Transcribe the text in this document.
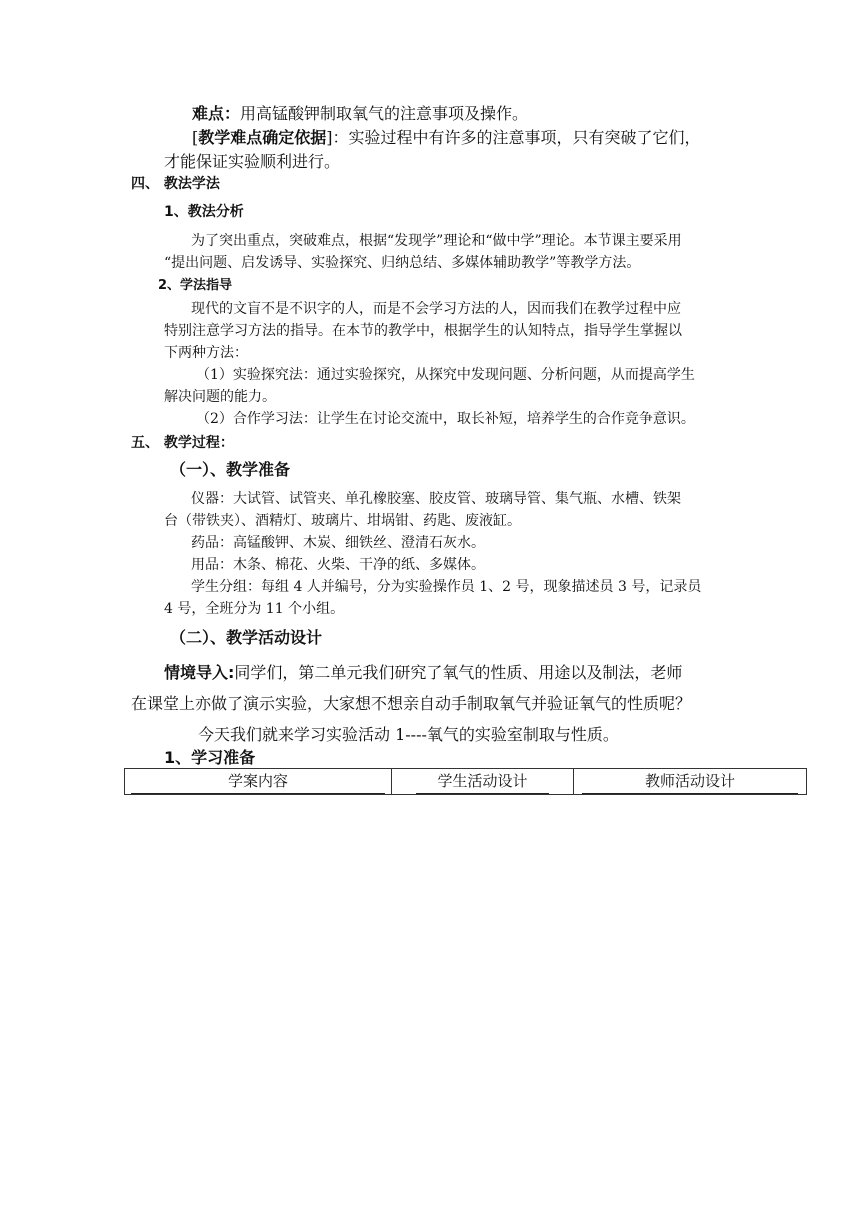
难点：用高锰酸钾制取氧气的注意事项及操作。
[教学难点确定依据]：实验过程中有许多的注意事项，只有突破了它们，
才能保证实验顺利进行。
四、 教法学法
1、教法分析
为了突出重点，突破难点，根据“发现学”理论和“做中学”理论。本节课主要采用
“提出问题、启发诱导、实验探究、归纳总结、多媒体辅助教学”等教学方法。
2、学法指导
现代的文盲不是不识字的人，而是不会学习方法的人，因而我们在教学过程中应
特别注意学习方法的指导。在本节的教学中，根据学生的认知特点，指导学生掌握以
下两种方法：
（1）实验探究法：通过实验探究，从探究中发现问题、分析问题，从而提高学生
解决问题的能力。
（2）合作学习法：让学生在讨论交流中，取长补短，培养学生的合作竞争意识。
五、 教学过程：
（一）、教学准备
仪器：大试管、试管夹、单孔橡胶塞、胶皮管、玻璃导管、集气瓶、水槽、铁架
台（带铁夹）、酒精灯、玻璃片、坩埚钳、药匙、废液缸。
药品：高锰酸钾、木炭、细铁丝、澄清石灰水。
用品：木条、棉花、火柴、干净的纸、多媒体。
学生分组：每组 4 人并编号，分为实验操作员 1、2 号，现象描述员 3 号，记录员
4 号，全班分为 11 个小组。
（二）、教学活动设计
情境导入:同学们，第二单元我们研究了氧气的性质、用途以及制法，老师
在课堂上亦做了演示实验，大家想不想亲自动手制取氧气并验证氧气的性质呢？
今天我们就来学习实验活动 1----氧气的实验室制取与性质。
1、学习准备
学案内容	学生活动设计	教师活动设计
